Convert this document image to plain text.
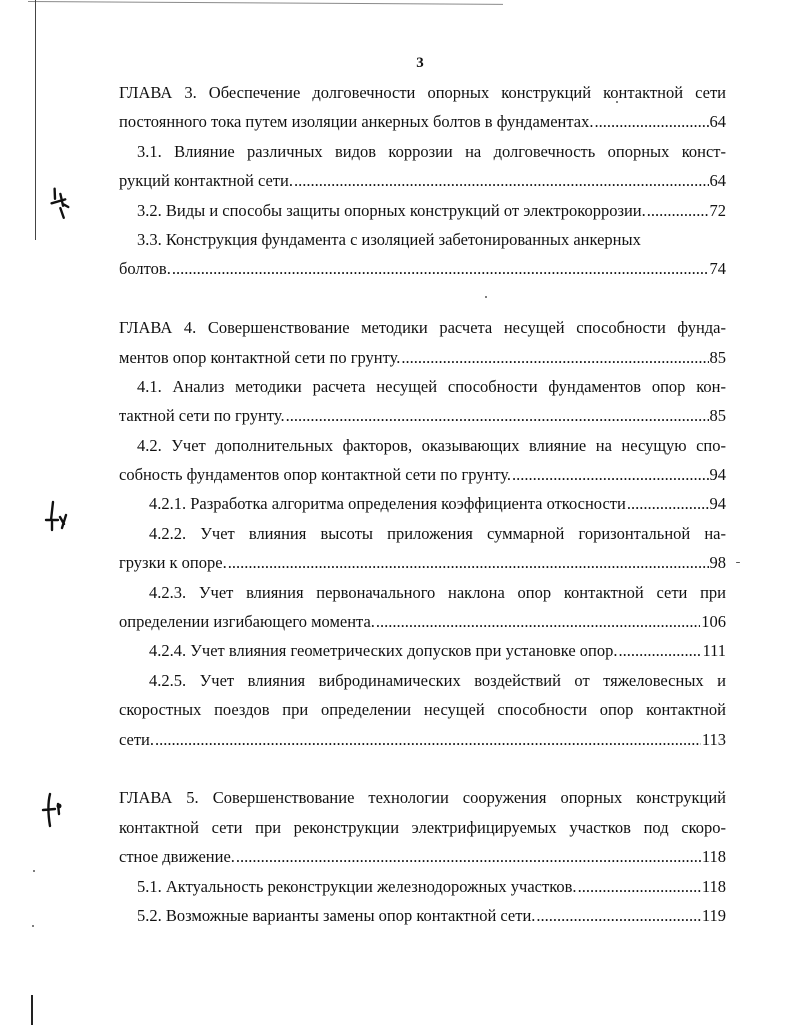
3
ГЛАВА 3. Обеспечение долговечности опорных конструкций контактной сети
постоянного тока путем изоляции анкерных болтов в фундаментах. .....	64
3.1. Влияние различных видов коррозии на долговечность опорных конст-
рукций контактной сети. .....	64
3.2. Виды и способы защиты опорных конструкций от электрокоррозии. .....	72
3.3. Конструкция фундамента с изоляцией забетонированных анкерных
болтов. .....	74
ГЛАВА 4. Совершенствование методики расчета несущей способности фунда-
ментов опор контактной сети по грунту. .....	85
4.1. Анализ методики расчета несущей способности фундаментов опор кон-
тактной сети по грунту. .....	85
4.2. Учет дополнительных факторов, оказывающих влияние на несущую спо-
собность фундаментов опор контактной сети по грунту. .....	94
4.2.1. Разработка алгоритма определения коэффициента откосности .....	94
4.2.2. Учет влияния высоты приложения суммарной горизонтальной на-
грузки к опоре. .....	98
4.2.3. Учет влияния первоначального наклона опор контактной сети при
определении изгибающего момента. .....	106
4.2.4. Учет влияния геометрических допусков при установке опор. .....	111
4.2.5. Учет влияния вибродинамических воздействий от тяжеловесных и
скоростных поездов при определении несущей способности опор контактной
сети. .....	113
ГЛАВА 5. Совершенствование технологии сооружения опорных конструкций
контактной сети при реконструкции электрифицируемых участков под скоро-
стное движение. .....	118
5.1. Актуальность реконструкции железнодорожных участков. .....	118
5.2. Возможные варианты замены опор контактной сети. .....	119
